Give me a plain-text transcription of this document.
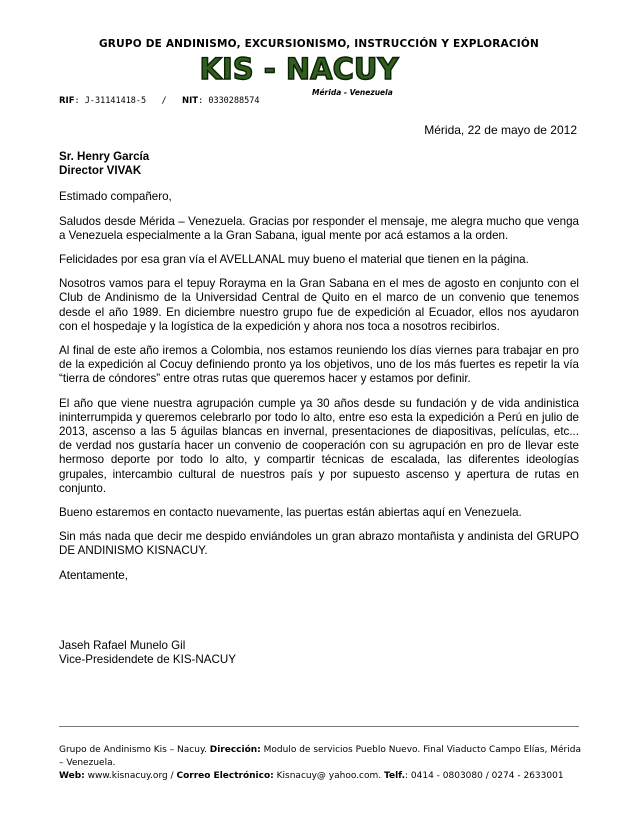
GRUPO DE ANDINISMO, EXCURSIONISMO, INSTRUCCIÓN Y EXPLORACIÓN
KIS - NACUY
Mérida - Venezuela
RIF: J-31141418-5 / NIT: 0330288574
Mérida, 22 de mayo de 2012

Sr. Henry García
Director VIVAK

Estimado compañero,

Saludos desde Mérida – Venezuela. Gracias por responder el mensaje, me alegra mucho que venga a Venezuela especialmente a la Gran Sabana, igual mente por acá estamos a la orden.

Felicidades por esa gran vía el AVELLANAL muy bueno el material que tienen en la página.

Nosotros vamos para el tepuy Rorayma en la Gran Sabana en el mes de agosto en conjunto con el Club de Andinismo de la Universidad Central de Quito en el marco de un convenio que tenemos desde el año 1989. En diciembre nuestro grupo fue de expedición al Ecuador, ellos nos ayudaron con el hospedaje y la logística de la expedición y ahora nos toca a nosotros recibirlos.

Al final de este año iremos a Colombia, nos estamos reuniendo los días viernes para trabajar en pro de la expedición al Cocuy definiendo pronto ya los objetivos, uno de los más fuertes es repetir la vía “tierra de cóndores” entre otras rutas que queremos hacer y estamos por definir.

El año que viene nuestra agrupación cumple ya 30 años desde su fundación y de vida andinistica ininterrumpida y queremos celebrarlo por todo lo alto, entre eso esta la expedición a Perú en julio de 2013, ascenso a las 5 águilas blancas en invernal, presentaciones de diapositivas, películas, etc... de verdad nos gustaría hacer un convenio de cooperación con su agrupación en pro de llevar este hermoso deporte por todo lo alto, y compartir técnicas de escalada, las diferentes ideologías grupales, intercambio cultural de nuestros país y por supuesto ascenso y apertura de rutas en conjunto.

Bueno estaremos en contacto nuevamente, las puertas están abiertas aquí en Venezuela.

Sin más nada que decir me despido enviándoles un gran abrazo montañista y andinista del GRUPO DE ANDINISMO KISNACUY.

Atentamente,

Jaseh Rafael Munelo Gil
Vice-Presidendete de KIS-NACUY

Grupo de Andinismo Kis – Nacuy. Dirección: Modulo de servicios Pueblo Nuevo. Final Viaducto Campo Elías, Mérida – Venezuela.
Web: www.kisnacuy.org / Correo Electrónico: Kisnacuy@ yahoo.com. Telf.: 0414 - 0803080 / 0274 - 2633001
